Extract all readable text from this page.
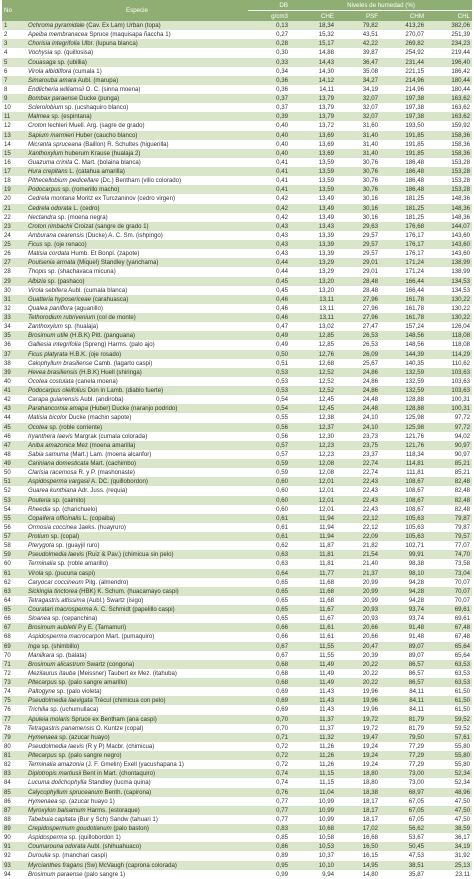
No	Especie	DB	Niveles de humedad (%)			
		g/cm3	CHE	PSF	CHM	CHL
1	Ochroma pyramidale (Cav. Ex Lam) Urban (topa)	0,13	18,34	79,82	413,26	382,06
2	Apeiba membranacea Spruce (maquisapa ñaccha 1)	0,27	15,32	43,51	270,07	251,39
3	Chorisia integrifolia Ulbr. (lupuna blanca)	0,28	15,17	42,22	269,82	234,23
4	Vochysia sp. (quillosisa)	0,30	14,88	39,87	254,92	219,44
5	Couasaga sp. (ubillia)	0,33	14,43	36,47	231,44	196,40
6	Virola albidiflora (cumala 1)	0,34	14,30	35,08	221,15	186,42
7	Simarouba amara Aubl. (marupa)	0,36	14,12	34,27	214,96	180,44
8	Endlicheria williamsii O. C. (sinna moena)	0,36	14,11	34,19	214,96	180,44
9	Bombax paraense Ducke (punga)	0,37	13,79	32,07	197,38	163,62
10	Sclerolobium sp. (ucshaquiro blanco)	0,37	13,79	32,07	197,38	163,62
11	Malmea sp. (espintana)	0,39	13,79	32,07	197,38	163,62
12	Croton lechleri Muell. Arg. (sagre de grado)	0,40	13,72	31,60	193,50	159,92
13	Sapium marmieri Huber (caucho blanco)	0,40	13,69	31,40	191,85	158,36
14	Micranta spruceana (Baillon) R. Schultes (higuerilla)	0,40	13,69	31,40	191,85	158,36
15	Xanthoxylum huberum Krause (hualaja 2)	0,40	13,69	31,40	191,85	158,36
16	Guazuma crinita C. Mart. (bolaina blanca)	0,41	13,59	30,76	186,48	153,28
17	Hura crepitans L. (catahua amarilla)	0,41	13,59	30,76	186,48	153,28
18	Pithecellobium pedicellare (Dc.) Bentham (villo colorado)	0,41	13,59	30,76	186,48	153,28
19	Podocarpus sp. (romerillo macho)	0,41	13,59	30,76	186,48	153,28
20	Cedrela montana Moritz ex Turczaninov (cedro virgen)	0,42	13,49	30,16	181,25	148,36
21	Cedrela odorata L. (cedro)	0,42	13,49	30,16	181,25	148,36
22	Nectandra sp. (moena negra)	0,42	13,49	30,16	181,25	148,36
23	Croton rimbachii Croizat (sangre de grado 1)	0,43	13,43	29,63	176,68	144,07
24	Amburana cearensis (Ducke) A. C. Sm. (ishpingo)	0,43	13,39	29,57	176,17	143,60
25	Ficus sp. (oje renaco)	0,43	13,39	29,57	176,17	143,60
26	Matisia cordata Humb. Et Bonpl. (zapote)	0,43	13,39	29,57	176,17	143,60
27	Poulsenia armata (Miquel) Standley (yanchama)	0,44	13,29	29,01	171,24	138,99
28	Thopis sp. (shachavaca micuna)	0,44	13,29	29,01	171,24	138,99
29	Albizia sp. (pashaco)	0,45	13,20	28,48	166,44	134,53
30	Virola sebifera Aubl. (cumala blanca)	0,45	13,20	28,48	166,44	134,53
31	Guatteria hyposericeae (carahuasca)	0,46	13,11	27,96	161,78	130,22
32	Qualea paniflora (aguanillo)	0,46	13,11	27,96	161,78	130,22
33	Tethorodium rubrivenium (col de monte)	0,46	13,11	27,96	161,78	130,22
34	Zanthoxylum sp. (hualaja)	0,47	13,02	27,47	157,24	126,04
35	Brosimum utile (H.B.K) Pitt. (panguana)	0,49	12,85	26,53	148,56	118,08
36	Galliesia integrifolia (Spreng) Harms. (palo ajo)	0,49	12,85	26,53	148,56	118,08
37	Ficus platyrata H.B.K. (oje rosado)	0,50	12,76	26,09	144,39	114,29
38	Calophyllum brasiliense Camb. (lagarto caspi)	0,51	12,68	25,67	140,35	110,62
39	Hevea brasiliensis (H.B.K) Huell (shiringa)	0,53	12,52	24,86	132,59	103,63
40	Ocotea costulata (canela moena)	0,53	12,52	24,86	132,59	103,63
41	Podocarpus oleifolius Don in Lamb. (diablo fuerte)	0,53	12,52	24,86	132,59	103,63
42	Carapa guianensis Aubl. (andiroba)	0,54	12,45	24,48	128,88	100,31
43	Parahancornia amapa (Huber) Ducke (naranjo podrido)	0,54	12,45	24,48	128,88	100,31
44	Matisia bicolor Ducke (machin sapote)	0,55	12,38	24,10	125,98	97,72
45	Ocotea sp. (roble corriente)	0,56	12,37	24,10	125,98	97,72
46	Iryanthera laevis Margrak (cumala colorada)	0,56	12,30	23,73	121,76	94,02
47	Aniba amazonica Mez (moena amarilla)	0,57	12,23	23,75	121,76	90,97
48	Sabia samuma (Mart.) Lam. (moena alcanfor)	0,57	12,23	23,37	118,34	90,97
49	Cariniana domesticata Mart. (cachimbo)	0,59	12,08	22,74	114,81	85,21
50	Clarisia racemosa R. y P. (mashonaste)	0,59	12,08	22,74	111,81	85,21
51	Aspidosperma vargasii A. DC. (quillobordon)	0,60	12,01	22,43	108,67	82,48
52	Guarea kunthiana Adr. Juss. (requia)	0,60	12,01	22,43	108,67	82,48
53	Pouteria sp. (caimito)	0,60	12,01	22,43	108,67	82,48
54	Rheedia sp. (charichuelo)	0,60	12,01	22,43	108,67	82,48
55	Copaifera officinalis L. (copaiba)	0,61	11,94	22,12	105,63	79,87
56	Ormosia coccinea Jaeks. (huayruro)	0,61	11,94	22,12	105,63	79,87
57	Protium sp. (copal)	0,61	11,94	22,09	105,63	79,57
58	Pterygota sp. (guayjil ruro)	0,62	11,87	21,82	102,71	77,07
59	Pseudolmedia laevis (Ruiz & Pav.) (chimicua sin pelo)	0,63	11,81	21,54	99,91	74,70
60	Terminalia sp. (roble amarillo)	0,63	11,81	21,40	98,38	73,58
61	Virola sp. (pucuna caspi)	0,64	11,77	21,37	98,10	73,04
62	Caryocar coccineum Pilg. (almendro)	0,65	11,68	20,99	94,28	70,07
63	Sickingia tinctorea (HBK) K. Schum. (huacamayo caspi)	0,65	11,68	20,99	94,28	70,07
64	Tetragastris altissima (Aubl.) Swartz (isigo)	0,65	11,68	20,99	94,28	70,07
65	Couratari macrosperma A. C. Schmidt (papelillo caspi)	0,65	11,67	20,93	93,74	69,61
66	Sloanea sp. (cepanchina)	0,65	11,67	20,93	93,74	69,61
67	Brosimum aubletii P.y E. (Tamamuri)	0,66	11,61	20,66	91,48	67,48
68	Aspidosperma macrocarpon Mart. (pumaquiro)	0,66	11,61	20,66	91,48	67,48
69	Inga sp. (shimbillo)	0,67	11,55	20,47	89,07	65,64
70	Manilkara sp. (balata)	0,67	11,55	20,39	89,07	65,64
71	Brosimum alicastrum Swartz (congona)	0,68	11,49	20,22	86,57	63,53
72	Mezilaurus itauba (Meissner) Taubert ex Mez. (itahuba)	0,68	11,49	20,22	86,57	63,53
73	Pltecarpus sp. (palo sangre amarillo)	0,68	11,49	20,22	86,57	63,53
74	Paltogyne sp. (palo violeta)	0,69	11,43	19,96	84,11	61,50
75	Pseudolmedia laevigata Trécul (chimicua con pelo)	0,69	11,43	19,96	84,11	61,50
76	Trichilia sp. (uchumullaca)	0,69	11,43	19,96	84,11	61,50
77	Apuleia molaris Spruce ex Bentham (ana caspi)	0,70	11,37	19,72	81,79	59,52
78	Tetragastris panamensis O. Kuntze (copal)	0,70	11,37	19,72	81,79	59,52
79	Hymenaea sp. (azucar huayo)	0,71	11,32	19,47	79,50	57,61
80	Pseudolmedia laevis (R y P) Macbr. (chimicua)	0,72	11,26	19,24	77,29	55,80
81	Pltecarpus sp. (palo sangre negro)	0,72	11,26	19,24	77,29	55,80
82	Terminalia amazonia (J. F. Gmelin) Exell (yacushapana 1)	0,72	11,26	19,24	77,29	55,80
83	Diplotropis martiusii Bent in Mart. (chontaquiro)	0,74	11,15	18,80	73,00	52,34
84	Lucuma dolichophylla Standley (lucma quina)	0,74	11,15	18,80	73,00	52,34
85	Calycophyllum spruceanum Benth. (capirona)	0,76	11,04	18,38	68,97	48,96
86	Hymenaea sp. (azucar huayo 1)	0,77	10,99	18,17	67,05	47,50
87	Myroxylon balsamum Harms. (estoraque)	0,77	10,99	18,17	67,05	47,50
88	Tabebuia capitata (Bur y Sch) Sandw (tahuari 1)	0,77	10,99	18,17	67,05	47,50
89	Crepidospermum goudotianum (palo baston)	0,83	10,68	17,02	56,62	38,59
90	Aspidosperma sp. (quillobordon 1)	0,85	10,58	16,68	53,67	36,17
91	Coumarouna odorata Aubl. (shihuahuaco)	0,86	10,53	16,50	50,45	34,19
92	Duroulia sp. (manchari caspi)	0,89	10,37	16,15	47,53	31,92
93	Myrcianthes fragans (Sw) McVaugh (caprona colorada)	0,95	10,10	14,95	38,51	25,13
94	Brosimum paraense (palo sangre 1)	0,99	9,94	14,80	35,87	23,11
